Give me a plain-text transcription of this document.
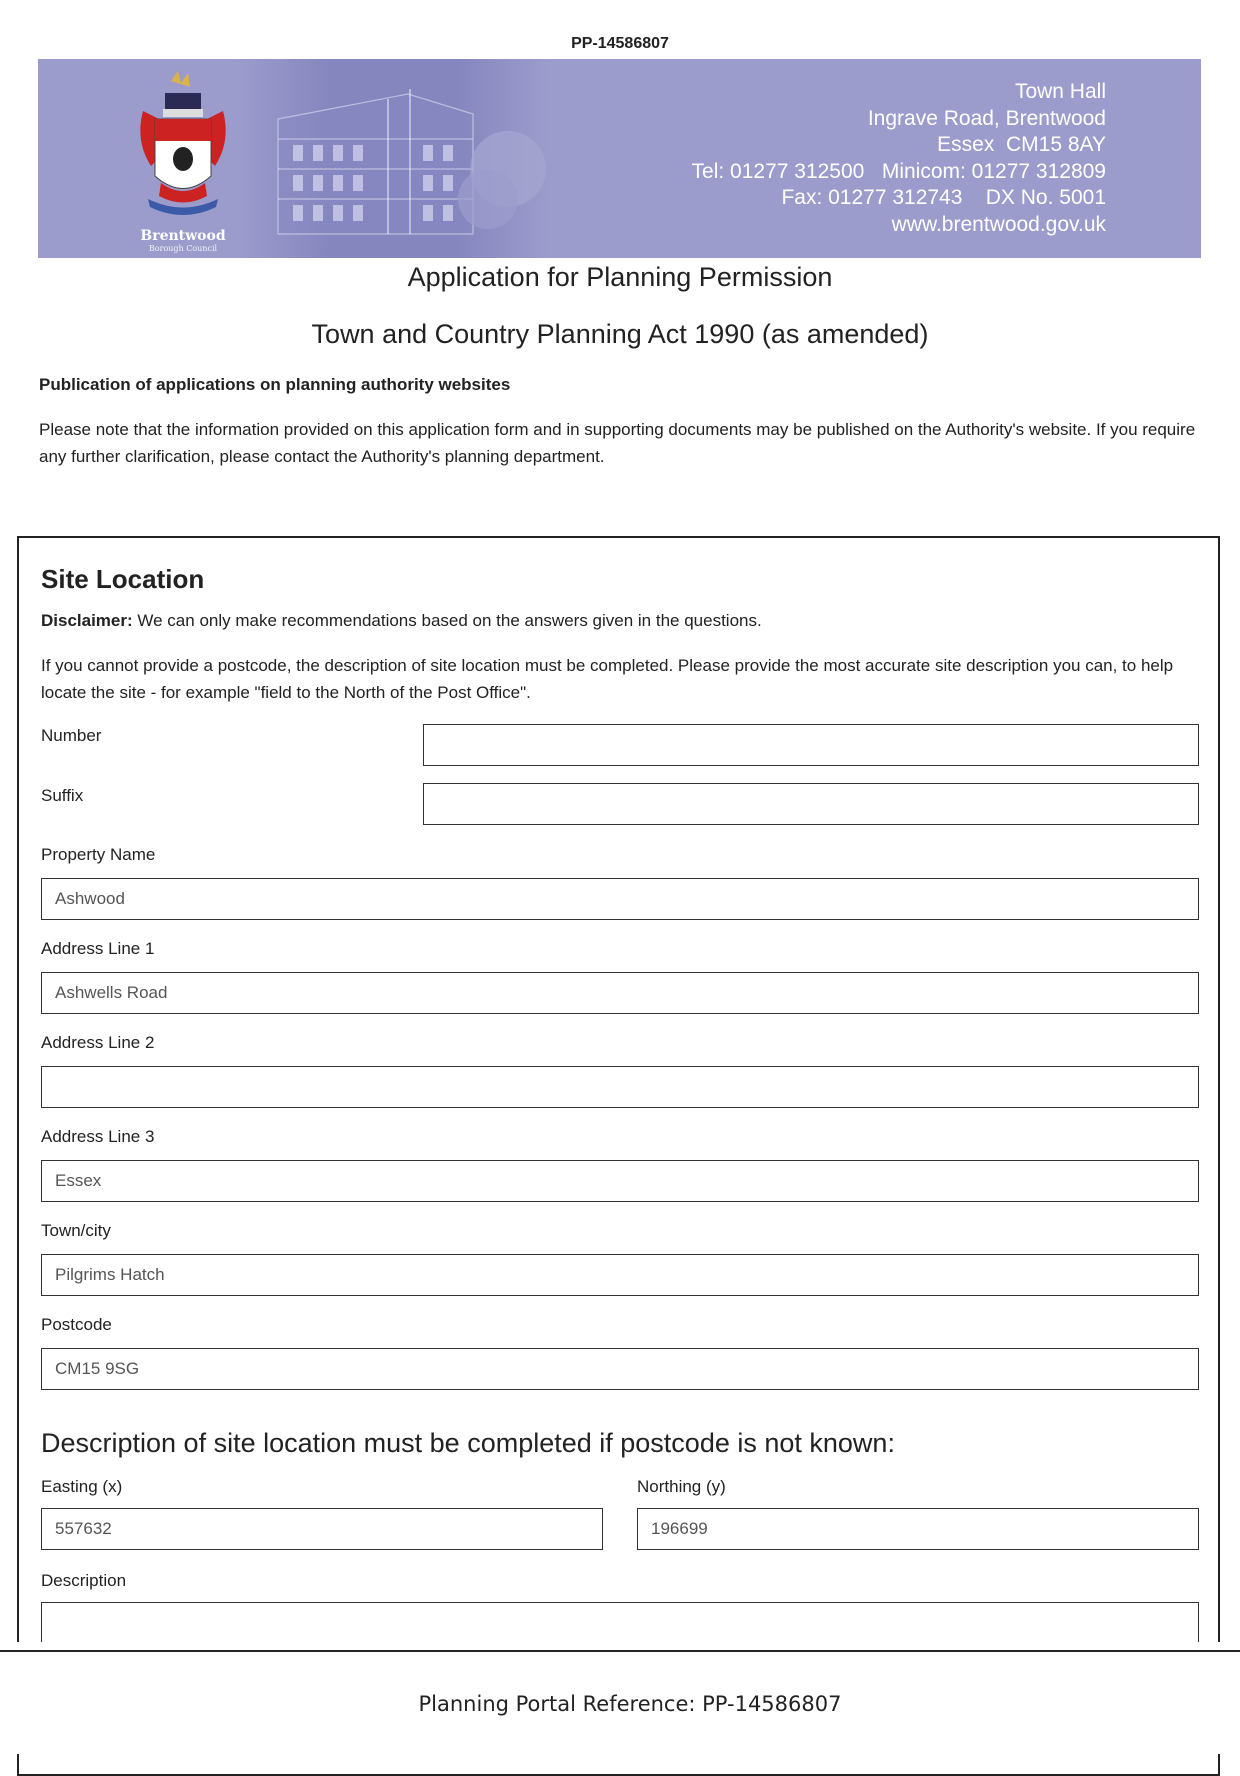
PP-14586807
Brentwood
Borough Council
Town Hall
Ingrave Road, Brentwood
Essex  CM15 8AY
Tel: 01277 312500   Minicom: 01277 312809
Fax: 01277 312743    DX No. 5001
www.brentwood.gov.uk
Application for Planning Permission
Town and Country Planning Act 1990 (as amended)
Publication of applications on planning authority websites
Please note that the information provided on this application form and in supporting documents may be published on the Authority's website. If you require any further clarification, please contact the Authority's planning department.
Site Location
Disclaimer: We can only make recommendations based on the answers given in the questions.
If you cannot provide a postcode, the description of site location must be completed. Please provide the most accurate site description you can, to help locate the site - for example "field to the North of the Post Office".
Number
Suffix
Property Name
Ashwood
Address Line 1
Ashwells Road
Address Line 2
Address Line 3
Essex
Town/city
Pilgrims Hatch
Postcode
CM15 9SG
Description of site location must be completed if postcode is not known:
Easting (x)
557632
Northing (y)
196699
Description
Planning Portal Reference: PP-14586807
